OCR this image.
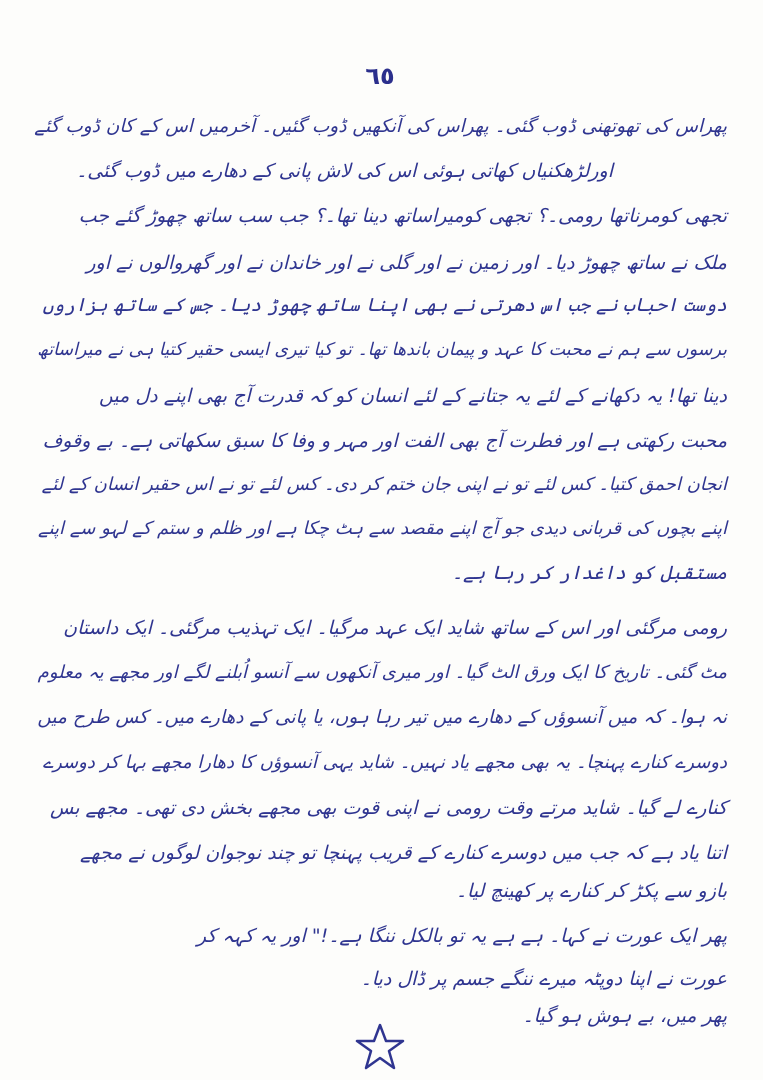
٦٥
پھراس کی تھوتھنی ڈوب گئی۔ پھراس کی آنکھیں ڈوب گئیں۔ آخرمیں اس کے کان ڈوب گئے
اورلڑھکنیاں کھاتی ہوئی اس کی لاش پانی کے دھارے میں ڈوب گئی۔
تجھی کومرناتھا رومی۔؟ تجھی کومیراساتھ دینا تھا۔؟ جب سب ساتھ چھوڑ گئے جب
ملک نے ساتھ چھوڑ دیا۔ اور زمین نے اور گلی نے اور خاندان نے اور گھروالوں نے اور
دوست احباب نے جب اس دھرتی نے بھی اپنا ساتھ چھوڑ دیا۔ جس کے ساتھ ہزاروں
برسوں سے ہم نے محبت کا عہد و پیمان باندھا تھا۔ تو کیا تیری ایسی حقیر کتیا ہی نے میراساتھ
دینا تھا! یہ دکھانے کے لئے یہ جتانے کے لئے انسان کو کہ قدرت آج بھی اپنے دل میں
محبت رکھتی ہے اور فطرت آج بھی الفت اور مہر و وفا کا سبق سکھاتی ہے۔ بے وقوف
انجان احمق کتیا۔ کس لئے تو نے اپنی جان ختم کر دی۔ کس لئے تو نے اس حقیر انسان کے لئے
اپنے بچوں کی قربانی دیدی جو آج اپنے مقصد سے ہٹ چکا ہے اور ظلم و ستم کے لہو سے اپنے
مستقبل کو داغدار کر رہا ہے۔
رومی مرگئی اور اس کے ساتھ شاید ایک عہد مرگیا۔ ایک تہذیب مرگئی۔ ایک داستان
مٹ گئی۔ تاریخ کا ایک ورق الٹ گیا۔ اور میری آنکھوں سے آنسو اُبلنے لگے اور مجھے یہ معلوم
نہ ہوا۔ کہ میں آنسوؤں کے دھارے میں تیر رہا ہوں، یا پانی کے دھارے میں۔ کس طرح میں
دوسرے کنارے پہنچا۔ یہ بھی مجھے یاد نہیں۔ شاید یہی آنسوؤں کا دھارا مجھے بہا کر دوسرے
کنارے لے گیا۔ شاید مرتے وقت رومی نے اپنی قوت بھی مجھے بخش دی تھی۔ مجھے بس
اتنا یاد ہے کہ جب میں دوسرے کنارے کے قریب پہنچا تو چند نوجوان لوگوں نے مجھے
بازو سے پکڑ کر کنارے پر کھینچ لیا۔
پھر ایک عورت نے کہا۔ ہے ہے یہ تو بالکل ننگا ہے۔!" اور یہ کہہ کر
عورت نے اپنا دوپٹہ میرے ننگے جسم پر ڈال دیا۔
پھر میں، بے ہوش ہو گیا۔
